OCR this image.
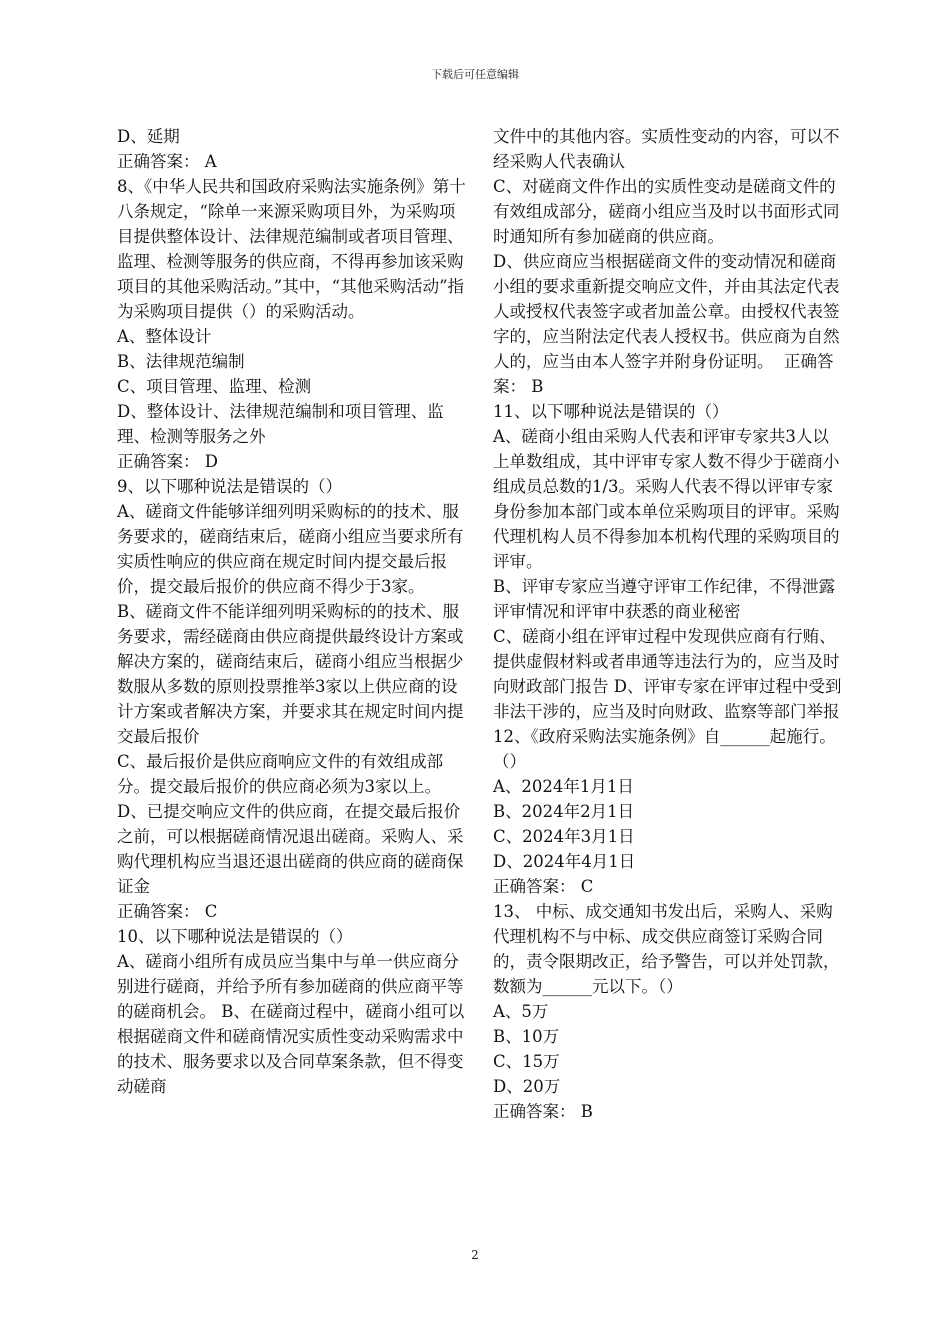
下载后可任意编辑

D、延期

正确答案： A

8、《中华人民共和国政府采购法实施条例》第十八条规定，“除单一来源采购项目外，为采购项目提供整体设计、法律规范编制或者项目管理、监理、检测等服务的供应商，不得再参加该采购项目的其他采购活动。”其中，“其他采购活动”指为采购项目提供（）的采购活动。

A、整体设计

B、法律规范编制

C、项目管理、监理、检测

D、整体设计、法律规范编制和项目管理、监理、检测等服务之外

正确答案： D

9、以下哪种说法是错误的（）

A、磋商文件能够详细列明采购标的的技术、服务要求的，磋商结束后，磋商小组应当要求所有实质性响应的供应商在规定时间内提交最后报价，提交最后报价的供应商不得少于3家。

B、磋商文件不能详细列明采购标的的技术、服务要求，需经磋商由供应商提供最终设计方案或解决方案的，磋商结束后，磋商小组应当根据少数服从多数的原则投票推举3家以上供应商的设计方案或者解决方案，并要求其在规定时间内提交最后报价

C、最后报价是供应商响应文件的有效组成部分。提交最后报价的供应商必须为3家以上。

D、已提交响应文件的供应商，在提交最后报价之前，可以根据磋商情况退出磋商。采购人、采购代理机构应当退还退出磋商的供应商的磋商保证金

正确答案： C

10、以下哪种说法是错误的（）

A、磋商小组所有成员应当集中与单一供应商分别进行磋商，并给予所有参加磋商的供应商平等的磋商机会。 B、在磋商过程中，磋商小组可以根据磋商文件和磋商情况实质性变动采购需求中的技术、服务要求以及合同草案条款，但不得变动磋商

文件中的其他内容。实质性变动的内容，可以不经采购人代表确认

C、对磋商文件作出的实质性变动是磋商文件的有效组成部分，磋商小组应当及时以书面形式同时通知所有参加磋商的供应商。

D、供应商应当根据磋商文件的变动情况和磋商小组的要求重新提交响应文件，并由其法定代表人或授权代表签字或者加盖公章。由授权代表签字的，应当附法定代表人授权书。供应商为自然人的，应当由本人签字并附身份证明。  正确答案： B

11、以下哪种说法是错误的（）

A、磋商小组由采购人代表和评审专家共3人以上单数组成，其中评审专家人数不得少于磋商小组成员总数的1/3。采购人代表不得以评审专家身份参加本部门或本单位采购项目的评审。采购代理机构人员不得参加本机构代理的采购项目的评审。

B、评审专家应当遵守评审工作纪律，不得泄露评审情况和评审中获悉的商业秘密

C、磋商小组在评审过程中发现供应商有行贿、提供虚假材料或者串通等违法行为的，应当及时向财政部门报告 D、评审专家在评审过程中受到非法干涉的，应当及时向财政、监察等部门举报

12、《政府采购法实施条例》自______起施行。（）

A、2024年1月1日

B、2024年2月1日

C、2024年3月1日

D、2024年4月1日

正确答案： C

13、 中标、成交通知书发出后，采购人、采购代理机构不与中标、成交供应商签订采购合同的，责令限期改正，给予警告，可以并处罚款，数额为______元以下。（）

A、5万

B、10万

C、15万

D、20万

正确答案： B

2
